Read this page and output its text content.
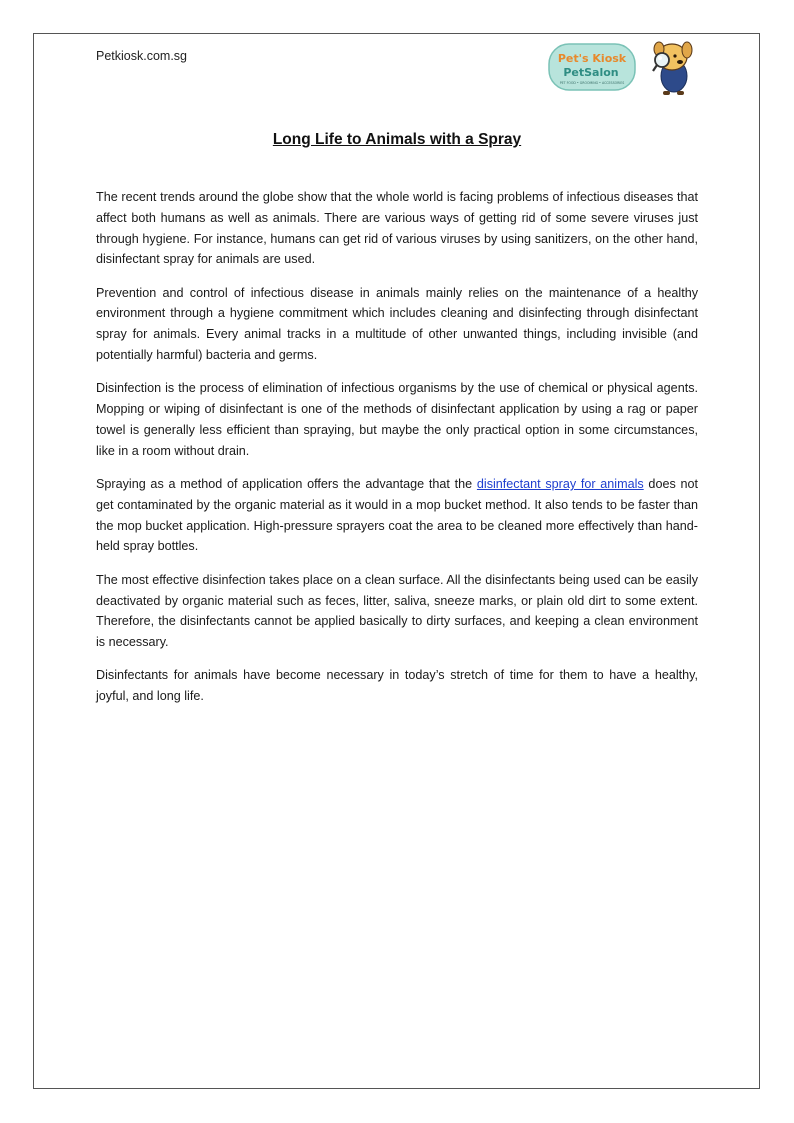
Petkiosk.com.sg	Pet's Kiosk
PetSalon
PET FOOD • GROOMING • ACCESSORIES
Long Life to Animals with a Spray

The recent trends around the globe show that the whole world is facing problems of infectious diseases that affect both humans as well as animals. There are various ways of getting rid of some severe viruses just through hygiene. For instance, humans can get rid of various viruses by using sanitizers, on the other hand, disinfectant spray for animals are used.

Prevention and control of infectious disease in animals mainly relies on the maintenance of a healthy environment through a hygiene commitment which includes cleaning and disinfecting through disinfectant spray for animals. Every animal tracks in a multitude of other unwanted things, including invisible (and potentially harmful) bacteria and germs.

Disinfection is the process of elimination of infectious organisms by the use of chemical or physical agents. Mopping or wiping of disinfectant is one of the methods of disinfectant application by using a rag or paper towel is generally less efficient than spraying, but maybe the only practical option in some circumstances, like in a room without drain.

Spraying as a method of application offers the advantage that the disinfectant spray for animals does not get contaminated by the organic material as it would in a mop bucket method. It also tends to be faster than the mop bucket application. High-pressure sprayers coat the area to be cleaned more effectively than hand-held spray bottles.

The most effective disinfection takes place on a clean surface. All the disinfectants being used can be easily deactivated by organic material such as feces, litter, saliva, sneeze marks, or plain old dirt to some extent. Therefore, the disinfectants cannot be applied basically to dirty surfaces, and keeping a clean environment is necessary.

Disinfectants for animals have become necessary in today’s stretch of time for them to have a healthy, joyful, and long life.
